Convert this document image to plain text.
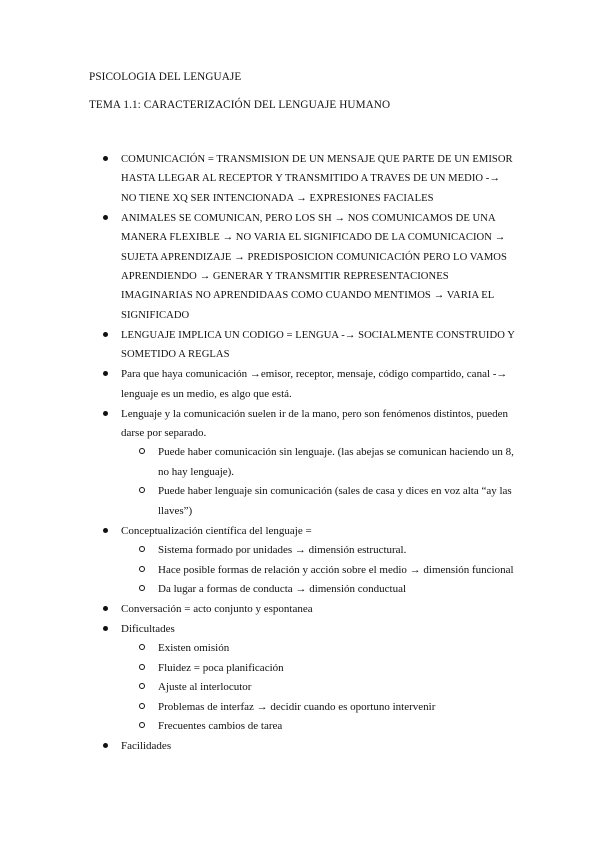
PSICOLOGIA DEL LENGUAJE
TEMA 1.1: CARACTERIZACIÓN DEL LENGUAJE HUMANO
COMUNICACIÓN = TRANSMISION DE UN MENSAJE QUE PARTE DE UN EMISOR HASTA LLEGAR AL RECEPTOR Y TRANSMITIDO A TRAVES DE UN MEDIO -→ NO TIENE XQ SER INTENCIONADA → EXPRESIONES FACIALES
ANIMALES SE COMUNICAN, PERO LOS SH → NOS COMUNICAMOS DE UNA MANERA FLEXIBLE → NO VARIA EL SIGNIFICADO DE LA COMUNICACION → SUJETA APRENDIZAJE → PREDISPOSICION COMUNICACIÓN PERO LO VAMOS APRENDIENDO → GENERAR Y TRANSMITIR REPRESENTACIONES IMAGINARIAS NO APRENDIDAAS COMO CUANDO MENTIMOS → VARIA EL SIGNIFICADO
LENGUAJE IMPLICA UN CODIGO = LENGUA -→ SOCIALMENTE CONSTRUIDO Y SOMETIDO A REGLAS
Para que haya comunicación →emisor, receptor, mensaje, código compartido, canal -→ lenguaje es un medio, es algo que está.
Lenguaje y la comunicación suelen ir de la mano, pero son fenómenos distintos, pueden darse por separado.
Puede haber comunicación sin lenguaje. (las abejas se comunican haciendo un 8, no hay lenguaje).
Puede haber lenguaje sin comunicación (sales de casa y dices en voz alta “ay las llaves”)
Conceptualización científica del lenguaje =
Sistema formado por unidades → dimensión estructural.
Hace posible formas de relación y acción sobre el medio → dimensión funcional
Da lugar a formas de conducta → dimensión conductual
Conversación = acto conjunto y espontanea
Dificultades
Existen omisión
Fluidez = poca planificación
Ajuste al interlocutor
Problemas de interfaz → decidir cuando es oportuno intervenir
Frecuentes cambios de tarea
Facilidades
